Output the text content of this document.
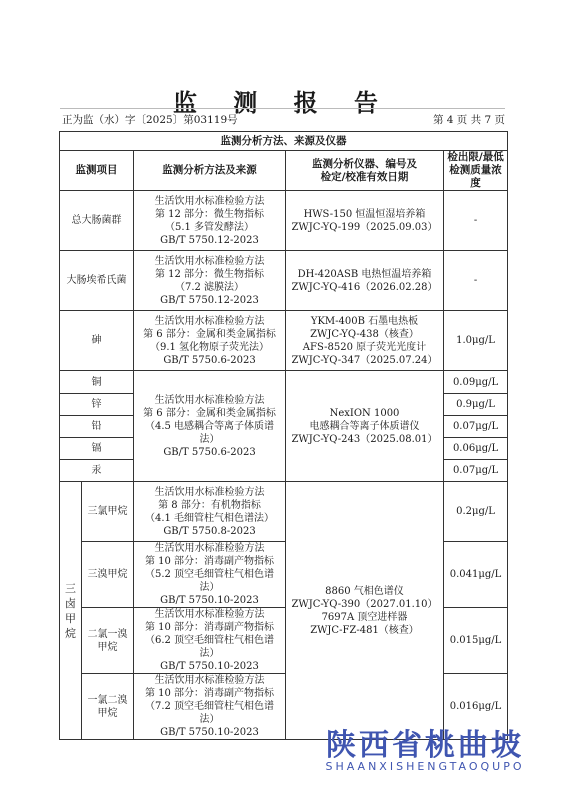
监 测 报 告
正为监（水）字〔2025〕第03119号	第 4 页 共 7 页
监测分析方法、来源及仪器				
监测项目		监测分析方法及来源	监测分析仪器、编号及
检定/校准有效日期	检出限/最低
检测质量浓度
总大肠菌群		生活饮用水标准检验方法
第 12 部分：微生物指标
（5.1 多管发酵法）
GB/T 5750.12-2023	HWS-150 恒温恒湿培养箱
ZWJC-YQ-199（2025.09.03）	-
大肠埃希氏菌		生活饮用水标准检验方法
第 12 部分：微生物指标
（7.2 滤膜法）
GB/T 5750.12-2023	DH-420ASB 电热恒温培养箱
ZWJC-YQ-416（2026.02.28）	-
砷		生活饮用水标准检验方法
第 6 部分：金属和类金属指标
（9.1 氢化物原子荧光法）
GB/T 5750.6-2023	YKM-400B 石墨电热板
ZWJC-YQ-438（核查）
AFS-8520 原子荧光光度计
ZWJC-YQ-347（2025.07.24）	1.0μg/L
铜		生活饮用水标准检验方法
第 6 部分：金属和类金属指标
（4.5 电感耦合等离子体质谱法）
GB/T 5750.6-2023	NexION 1000
电感耦合等离子体质谱仪
ZWJC-YQ-243（2025.08.01）	0.09μg/L
锌				0.9μg/L
铅				0.07μg/L
镉				0.06μg/L
汞				0.07μg/L
三
卤
甲
烷	三氯甲烷	生活饮用水标准检验方法
第 8 部分：有机物指标
（4.1 毛细管柱气相色谱法）
GB/T 5750.8-2023	8860 气相色谱仪
ZWJC-YQ-390（2027.01.10）
7697A 顶空进样器
ZWJC-FZ-481（核查）	0.2μg/L
	三溴甲烷	生活饮用水标准检验方法
第 10 部分：消毒副产物指标
（5.2 顶空毛细管柱气相色谱法）
GB/T 5750.10-2023		0.041μg/L
	二氯一溴
甲烷	生活饮用水标准检验方法
第 10 部分：消毒副产物指标
（6.2 顶空毛细管柱气相色谱法）
GB/T 5750.10-2023		0.015μg/L
	一氯二溴
甲烷	生活饮用水标准检验方法
第 10 部分：消毒副产物指标
（7.2 顶空毛细管柱气相色谱法）
GB/T 5750.10-2023		0.016μg/L
陕西省桃曲坡
SHAANXISHENGTAOQUPO
